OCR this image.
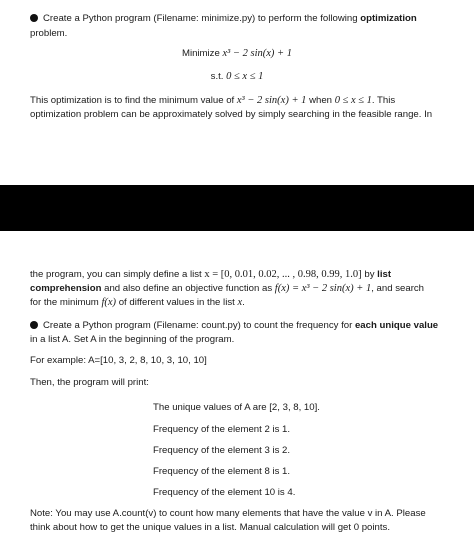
Create a Python program (Filename: minimize.py) to perform the following optimization
problem.
Minimize x³ − 2 sin(x) + 1
s.t. 0 ≤ x ≤ 1
This optimization is to find the minimum value of x³ − 2 sin(x) + 1 when 0 ≤ x ≤ 1. This
optimization problem can be approximately solved by simply searching in the feasible range. In
the program, you can simply define a list x = [0, 0.01, 0.02, ... , 0.98, 0.99, 1.0] by list
comprehension and also define an objective function as f(x) = x³ − 2 sin(x) + 1, and search
for the minimum f(x) of different values in the list x.
Create a Python program (Filename: count.py) to count the frequency for each unique value
in a list A. Set A in the beginning of the program.
For example: A=[10, 3, 2, 8, 10, 3, 10, 10]
Then, the program will print:
The unique values of A are [2, 3, 8, 10].
Frequency of the element 2 is 1.
Frequency of the element 3 is 2.
Frequency of the element 8 is 1.
Frequency of the element 10 is 4.
Note: You may use A.count(v) to count how many elements that have the value v in A. Please
think about how to get the unique values in a list. Manual calculation will get 0 points.
